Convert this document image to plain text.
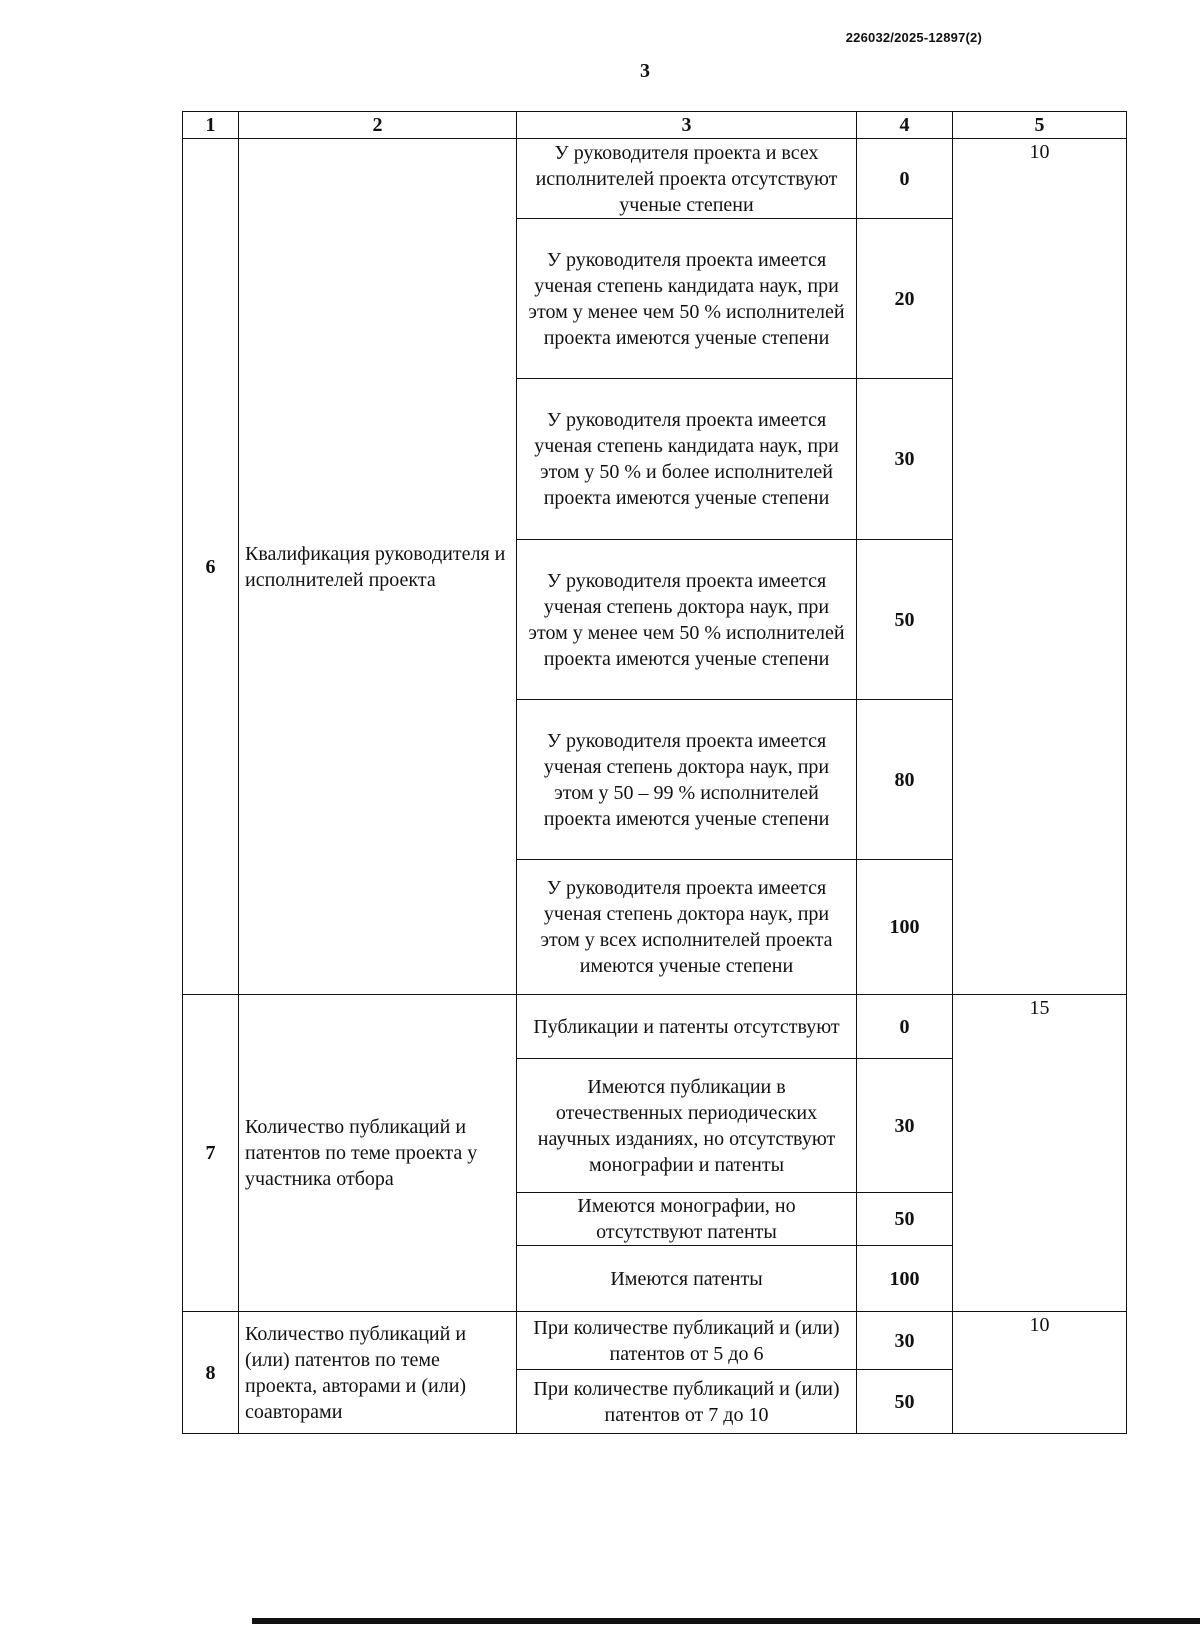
226032/2025-12897(2)
3
1	2	3	4	5
6	Квалификация руководителя и исполнителей проекта	У руководителя проекта и всех исполнителей проекта отсутствуют ученые степени	0	10
		У руководителя проекта имеется ученая степень кандидата наук, при этом у менее чем 50 % исполнителей проекта имеются ученые степени	20	
		У руководителя проекта имеется ученая степень кандидата наук, при этом у 50 % и более исполнителей проекта имеются ученые степени	30	
		У руководителя проекта имеется ученая степень доктора наук, при этом у менее чем 50 % исполнителей проекта имеются ученые степени	50	
		У руководителя проекта имеется ученая степень доктора наук, при этом у 50 – 99 % исполнителей проекта имеются ученые степени	80	
		У руководителя проекта имеется ученая степень доктора наук, при этом у всех исполнителей проекта имеются ученые степени	100	
7	Количество публикаций и патентов по теме проекта у участника отбора	Публикации и патенты отсутствуют	0	15
		Имеются публикации в отечественных периодических научных изданиях, но отсутствуют монографии и патенты	30	
		Имеются монографии, но отсутствуют патенты	50	
		Имеются патенты	100	
8	Количество публикаций и (или) патентов по теме проекта, авторами и (или) соавторами	При количестве публикаций и (или) патентов от 5 до 6	30	10
		При количестве публикаций и (или) патентов от 7 до 10	50	
